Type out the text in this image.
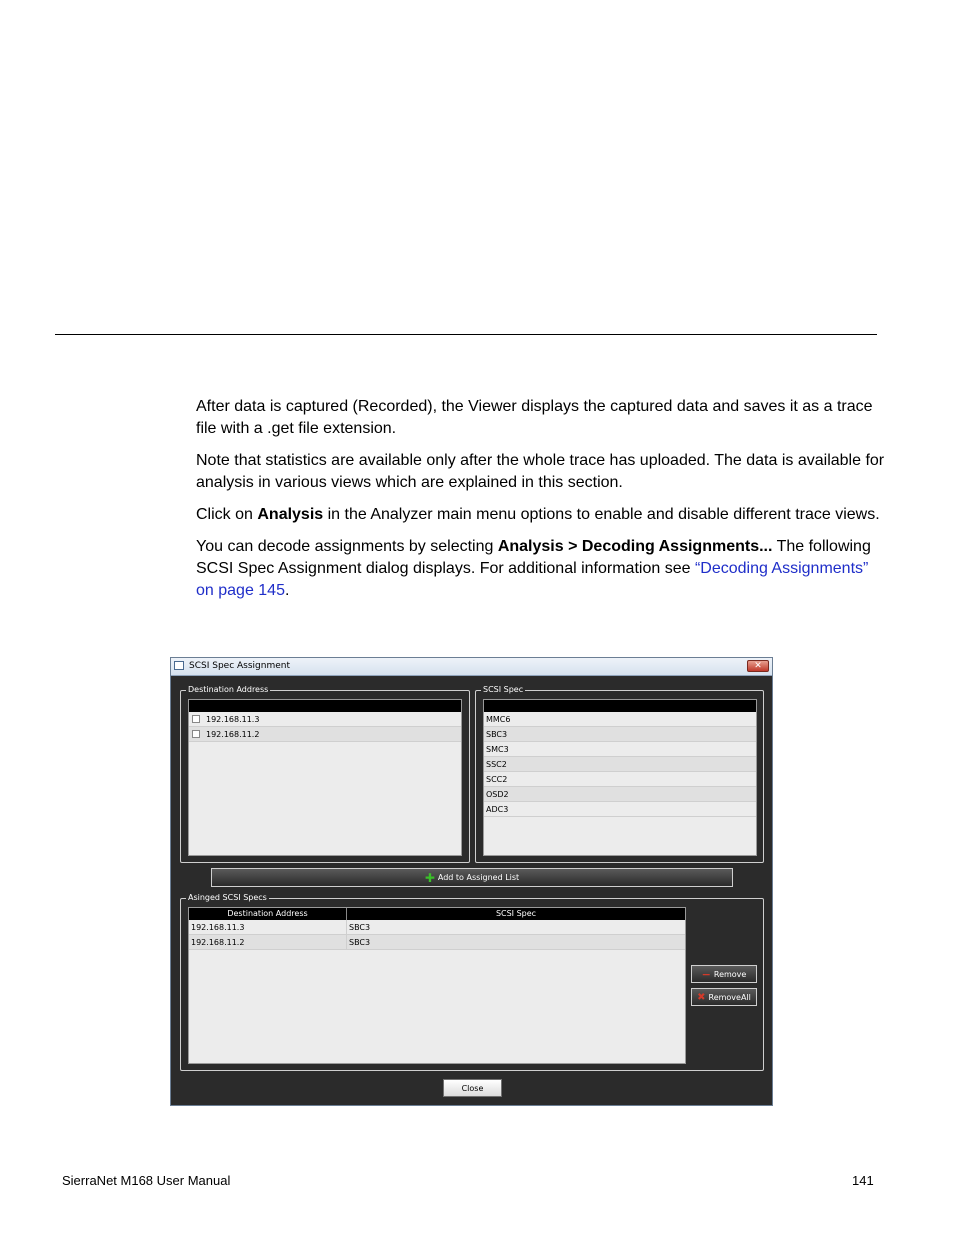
After data is captured (Recorded), the Viewer displays the captured data and saves it as a trace file with a .get file extension.

Note that statistics are available only after the whole trace has uploaded. The data is available for analysis in various views which are explained in this section.

Click on Analysis in the Analyzer main menu options to enable and disable different trace views.

You can decode assignments by selecting Analysis > Decoding Assignments... The following SCSI Spec Assignment dialog displays. For additional information see “Decoding Assignments” on page 145.

SCSI Spec Assignment	✕
Destination Address
192.168.11.3
192.168.11.2
SCSI Spec
MMC6
SBC3
SMC3
SSC2
SCC2
OSD2
ADC3
✚ Add to Assigned List
Asinged SCSI Specs
Destination Address	SCSI Spec
192.168.11.3	SBC3
192.168.11.2	SBC3
− Remove
✖ RemoveAll
Close
SierraNet M168 User Manual	141
